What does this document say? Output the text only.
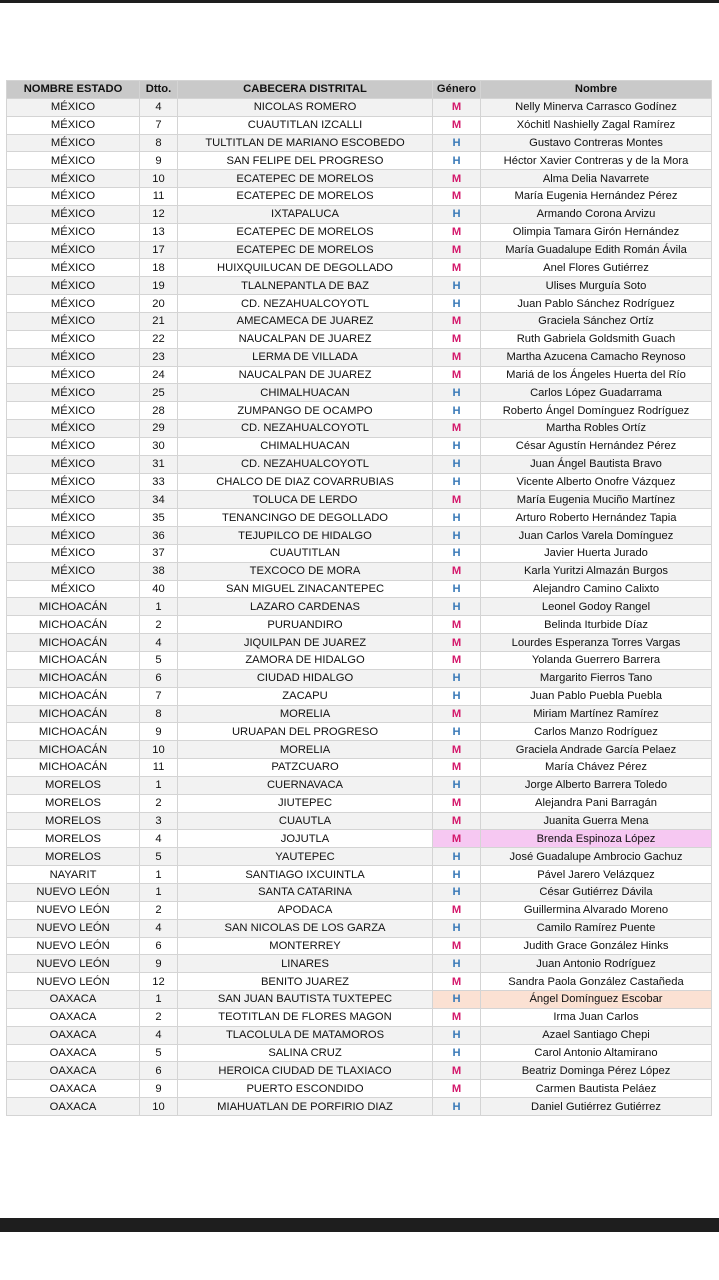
NOMBRE ESTADO	Dtto.	CABECERA DISTRITAL	Género	Nombre
MÉXICO	4	NICOLAS ROMERO	M	Nelly Minerva Carrasco Godínez
MÉXICO	7	CUAUTITLAN IZCALLI	M	Xóchitl Nashielly Zagal Ramírez
MÉXICO	8	TULTITLAN DE MARIANO ESCOBEDO	H	Gustavo Contreras Montes
MÉXICO	9	SAN FELIPE DEL PROGRESO	H	Héctor Xavier Contreras y de la Mora
MÉXICO	10	ECATEPEC DE MORELOS	M	Alma Delia Navarrete
MÉXICO	11	ECATEPEC DE MORELOS	M	María Eugenia Hernández Pérez
MÉXICO	12	IXTAPALUCA	H	Armando Corona Arvizu
MÉXICO	13	ECATEPEC DE MORELOS	M	Olimpia Tamara Girón Hernández
MÉXICO	17	ECATEPEC DE MORELOS	M	María Guadalupe Edith Román Ávila
MÉXICO	18	HUIXQUILUCAN DE DEGOLLADO	M	Anel Flores Gutiérrez
MÉXICO	19	TLALNEPANTLA DE BAZ	H	Ulises Murguía Soto
MÉXICO	20	CD. NEZAHUALCOYOTL	H	Juan Pablo Sánchez Rodríguez
MÉXICO	21	AMECAMECA DE JUAREZ	M	Graciela Sánchez Ortíz
MÉXICO	22	NAUCALPAN DE JUAREZ	M	Ruth Gabriela Goldsmith Guach
MÉXICO	23	LERMA DE VILLADA	M	Martha Azucena Camacho Reynoso
MÉXICO	24	NAUCALPAN DE JUAREZ	M	Mariá de los Ángeles Huerta del Río
MÉXICO	25	CHIMALHUACAN	H	Carlos López Guadarrama
MÉXICO	28	ZUMPANGO DE OCAMPO	H	Roberto Ángel Domínguez Rodríguez
MÉXICO	29	CD. NEZAHUALCOYOTL	M	Martha Robles Ortíz
MÉXICO	30	CHIMALHUACAN	H	César Agustín Hernández Pérez
MÉXICO	31	CD. NEZAHUALCOYOTL	H	Juan Ángel Bautista Bravo
MÉXICO	33	CHALCO DE DIAZ COVARRUBIAS	H	Vicente Alberto Onofre Vázquez
MÉXICO	34	TOLUCA DE LERDO	M	María Eugenia Muciño Martínez
MÉXICO	35	TENANCINGO DE DEGOLLADO	H	Arturo Roberto Hernández Tapia
MÉXICO	36	TEJUPILCO DE HIDALGO	H	Juan Carlos Varela Domínguez
MÉXICO	37	CUAUTITLAN	H	Javier Huerta Jurado
MÉXICO	38	TEXCOCO DE MORA	M	Karla Yuritzi Almazán Burgos
MÉXICO	40	SAN MIGUEL ZINACANTEPEC	H	Alejandro Camino Calixto
MICHOACÁN	1	LAZARO CARDENAS	H	Leonel Godoy Rangel
MICHOACÁN	2	PURUANDIRO	M	Belinda Iturbide Díaz
MICHOACÁN	4	JIQUILPAN DE JUAREZ	M	Lourdes Esperanza Torres Vargas
MICHOACÁN	5	ZAMORA DE HIDALGO	M	Yolanda Guerrero Barrera
MICHOACÁN	6	CIUDAD HIDALGO	H	Margarito Fierros Tano
MICHOACÁN	7	ZACAPU	H	Juan Pablo Puebla Puebla
MICHOACÁN	8	MORELIA	M	Miriam Martínez Ramírez
MICHOACÁN	9	URUAPAN DEL PROGRESO	H	Carlos Manzo Rodríguez
MICHOACÁN	10	MORELIA	M	Graciela Andrade García Pelaez
MICHOACÁN	11	PATZCUARO	M	María Chávez Pérez
MORELOS	1	CUERNAVACA	H	Jorge Alberto Barrera Toledo
MORELOS	2	JIUTEPEC	M	Alejandra Pani Barragán
MORELOS	3	CUAUTLA	M	Juanita Guerra Mena
MORELOS	4	JOJUTLA	M	Brenda Espinoza López
MORELOS	5	YAUTEPEC	H	José Guadalupe Ambrocio Gachuz
NAYARIT	1	SANTIAGO IXCUINTLA	H	Pável Jarero Velázquez
NUEVO LEÓN	1	SANTA CATARINA	H	César Gutiérrez Dávila
NUEVO LEÓN	2	APODACA	M	Guillermina Alvarado Moreno
NUEVO LEÓN	4	SAN NICOLAS DE LOS GARZA	H	Camilo Ramírez Puente
NUEVO LEÓN	6	MONTERREY	M	Judith Grace González Hinks
NUEVO LEÓN	9	LINARES	H	Juan Antonio Rodríguez
NUEVO LEÓN	12	BENITO JUAREZ	M	Sandra Paola González Castañeda
OAXACA	1	SAN JUAN BAUTISTA TUXTEPEC	H	Ángel Domínguez Escobar
OAXACA	2	TEOTITLAN DE FLORES MAGON	M	Irma Juan Carlos
OAXACA	4	TLACOLULA DE MATAMOROS	H	Azael Santiago Chepi
OAXACA	5	SALINA CRUZ	H	Carol Antonio Altamirano
OAXACA	6	HEROICA CIUDAD DE TLAXIACO	M	Beatriz Dominga Pérez López
OAXACA	9	PUERTO ESCONDIDO	M	Carmen Bautista Peláez
OAXACA	10	MIAHUATLAN DE PORFIRIO DIAZ	H	Daniel Gutiérrez Gutiérrez
